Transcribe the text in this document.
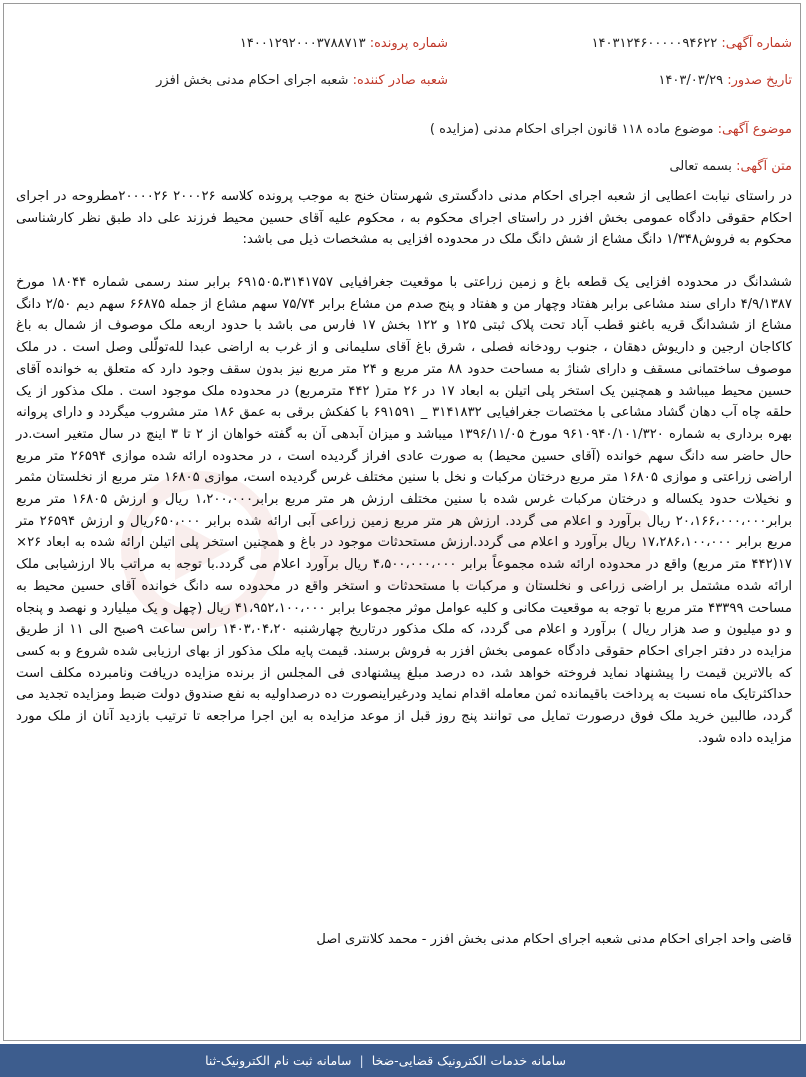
شماره آگهی: ۱۴۰۳۱۲۴۶۰۰۰۰۰۹۴۶۲۲
شماره پرونده: ۱۴۰۰۱۲۹۲۰۰۰۳۷۸۸۷۱۳
تاریخ صدور: ۱۴۰۳/۰۳/۲۹
شعبه صادر کننده: شعبه اجرای احکام مدنی بخش افزر
موضوع آگهی: موضوع ماده ۱۱۸ قانون اجرای احکام مدنی (مزایده )
متن آگهی: بسمه تعالی
در راستای نیابت اعطایی از شعبه اجرای احکام مدنی دادگستری شهرستان خنج به موجب پرونده کلاسه ۲۰۰۰۲۶ ۲۰۰۰۰۲۶مطروحه در اجرای احکام حقوقی دادگاه عمومی بخش افزر در راستای اجرای محکوم به ، محکوم علیه آقای حسین محیط فرزند علی داد طبق نظر کارشناسی محکوم به فروش۱/۳۴۸ دانگ مشاع از شش دانگ ملک در محدوده افزایی به مشخصات ذیل می باشد:
ششدانگ در محدوده افزایی یک قطعه باغ و زمین زراعتی با موقعیت جغرافیایی ۶۹۱۵۰۵،۳۱۴۱۷۵۷ برابر سند رسمی شماره ۱۸۰۴۴ مورخ ۴/۹/۱۳۸۷ دارای سند مشاعی برابر هفتاد وچهار من و هفتاد و پنج صدم من مشاع برابر ۷۵/۷۴ سهم مشاع از جمله ۶۶۸۷۵ سهم دیم ۲/۵۰ دانگ مشاع از ششدانگ قریه باغنو قطب آباد تحت پلاک ثبتی ۱۲۵ و ۱۲۲ بخش ۱۷ فارس می باشد با حدود اربعه ملک موصوف از شمال به باغ کاکاجان ارجین و داریوش دهقان ، جنوب رودخانه فصلی ، شرق باغ آقای سلیمانی و از غرب به اراضی عبدا لله‌تولّلی وصل است . در ملک موصوف ساختمانی مسقف و دارای شناژ به مساحت حدود ۸۸ متر مربع و ۲۴ متر مربع نیز بدون سقف وجود دارد که متعلق به خوانده آقای حسین محیط میباشد و همچنین یک استخر پلی اتیلن به ابعاد ۱۷ در ۲۶ متر( ۴۴۲ مترمربع) در محدوده ملک موجود است . ملک مذکور از یک حلقه چاه آب دهان گشاد مشاعی با مختصات جغرافیایی ۳۱۴۱۸۳۲ _ ۶۹۱۵۹۱ با کفکش برقی به عمق ۱۸۶ متر مشروب میگردد و دارای پروانه بهره برداری به شماره ۹۶۱۰۹۴۰/۱۰۱/۳۲۰ مورخ ۱۳۹۶/۱۱/۰۵ میباشد و میزان آبدهی آن به گفته خواهان از ۲ تا ۳ اینچ در سال متغیر است.در حال حاضر سه دانگ سهم خوانده (آقای حسین محیط) به صورت عادی افراز گردیده است ، در محدوده ارائه شده موازی ۲۶۵۹۴ متر مربع اراضی زراعتی و موازی ۱۶۸۰۵ متر مربع درختان مرکبات و نخل با سنین مختلف غرس گردیده است، موازی ۱۶۸۰۵ متر مربع از نخلستان مثمر و نخیلات حدود یکساله و درختان مرکبات غرس شده با سنین مختلف ارزش هر متر مربع برابر۱،۲۰۰،۰۰۰ ریال و ارزش ۱۶۸۰۵ متر مربع برابر۲۰،۱۶۶،۰۰۰،۰۰۰ ریال برآورد و اعلام می گردد. ارزش هر متر مربع زمین زراعی آبی ارائه شده برابر ۶۵۰،۰۰۰ریال و ارزش ۲۶۵۹۴ متر مربع برابر ۱۷،۲۸۶،۱۰۰،۰۰۰ ریال برآورد و اعلام می گردد.ارزش مستحدثات موجود در باغ و همچنین استخر پلی اتیلن ارائه شده به ابعاد ۲۶× ۱۷(۴۴۲ متر مربع) واقع در محدوده ارائه شده مجموعاً برابر ۴،۵۰۰،۰۰۰،۰۰۰ ریال برآورد اعلام می گردد.با توجه به مراتب بالا ارزشیابی ملک ارائه شده مشتمل بر اراضی زراعی و نخلستان و مرکبات با مستحدثات و استخر واقع در محدوده سه دانگ خوانده آقای حسین محیط به مساحت ۴۳۳۹۹ متر مربع با توجه به موقعیت مکانی و کلیه عوامل موثر مجموعا برابر ۴۱،۹۵۲،۱۰۰،۰۰۰ ریال (چهل و یک میلیارد و نهصد و پنجاه و دو میلیون و صد هزار ریال ) برآورد و اعلام می گردد، که ملک مذکور درتاریخ چهارشنبه ۱۴۰۳،۰۴،۲۰ راس ساعت ۹صبح الی ۱۱ از طریق مزایده در دفتر اجرای احکام حقوقی دادگاه عمومی بخش افزر به فروش برسند. قیمت پایه ملک مذکور از بهای ارزیابی شده شروع و به کسی که بالاترین قیمت را پیشنهاد نماید فروخته خواهد شد، ده درصد مبلغ پیشنهادی فی المجلس از برنده مزایده دریافت ونامبرده مکلف است حداکثرتایک ماه نسبت به پرداخت باقیمانده ثمن معامله اقدام نماید ودرغیراینصورت ده درصداولیه به نفع صندوق دولت ضبط ومزایده تجدید می گردد، طالبین خرید ملک فوق درصورت تمایل می توانند پنج روز قبل از موعد مزایده به این اجرا مراجعه تا ترتیب بازدید آنان از ملک مورد مزایده داده شود.
قاضی واحد اجرای احکام مدنی شعبه اجرای احکام مدنی بخش افزر - محمد کلانتری اصل
سامانه خدمات الکترونیک قضایی-ضخا
|
سامانه ثبت نام الکترونیک-ثنا
